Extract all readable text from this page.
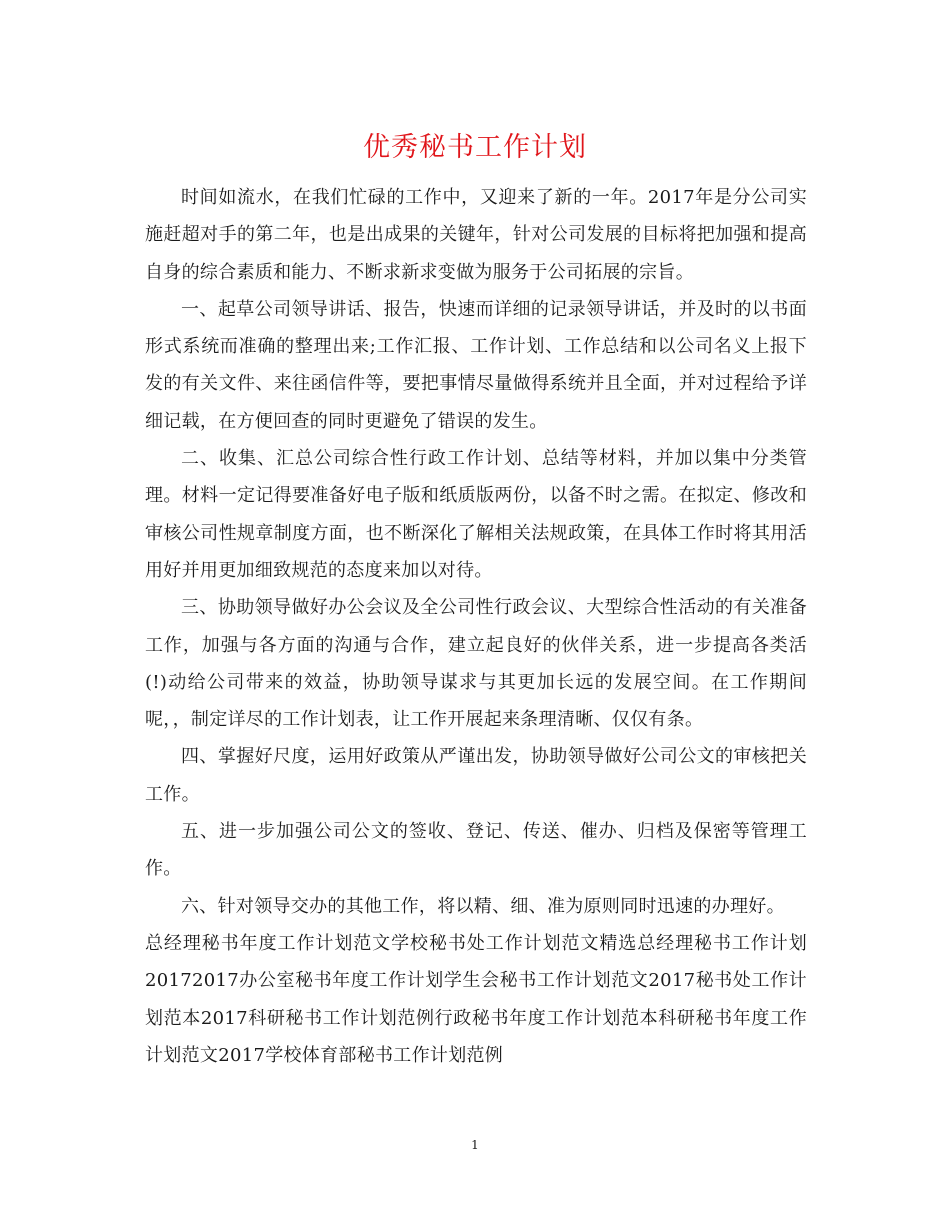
优秀秘书工作计划

时间如流水，在我们忙碌的工作中，又迎来了新的一年。2017年是分公司实施赶超对手的第二年，也是出成果的关键年，针对公司发展的目标将把加强和提高自身的综合素质和能力、不断求新求变做为服务于公司拓展的宗旨。

一、起草公司领导讲话、报告，快速而详细的记录领导讲话，并及时的以书面形式系统而准确的整理出来;工作汇报、工作计划、工作总结和以公司名义上报下发的有关文件、来往函信件等，要把事情尽量做得系统并且全面，并对过程给予详细记载，在方便回查的同时更避免了错误的发生。

二、收集、汇总公司综合性行政工作计划、总结等材料，并加以集中分类管理。材料一定记得要准备好电子版和纸质版两份，以备不时之需。在拟定、修改和审核公司性规章制度方面，也不断深化了解相关法规政策，在具体工作时将其用活用好并用更加细致规范的态度来加以对待。

三、协助领导做好办公会议及全公司性行政会议、大型综合性活动的有关准备工作，加强与各方面的沟通与合作，建立起良好的伙伴关系，进一步提高各类活(!)动给公司带来的效益，协助领导谋求与其更加长远的发展空间。在工作期间呢，，制定详尽的工作计划表，让工作开展起来条理清晰、仅仅有条。

四、掌握好尺度，运用好政策从严谨出发，协助领导做好公司公文的审核把关工作。

五、进一步加强公司公文的签收、登记、传送、催办、归档及保密等管理工作。

六、针对领导交办的其他工作，将以精、细、准为原则同时迅速的办理好。

总经理秘书年度工作计划范文学校秘书处工作计划范文精选总经理秘书工作计划20172017办公室秘书年度工作计划学生会秘书工作计划范文2017秘书处工作计划范本2017科研秘书工作计划范例行政秘书年度工作计划范本科研秘书年度工作计划范文2017学校体育部秘书工作计划范例

1
